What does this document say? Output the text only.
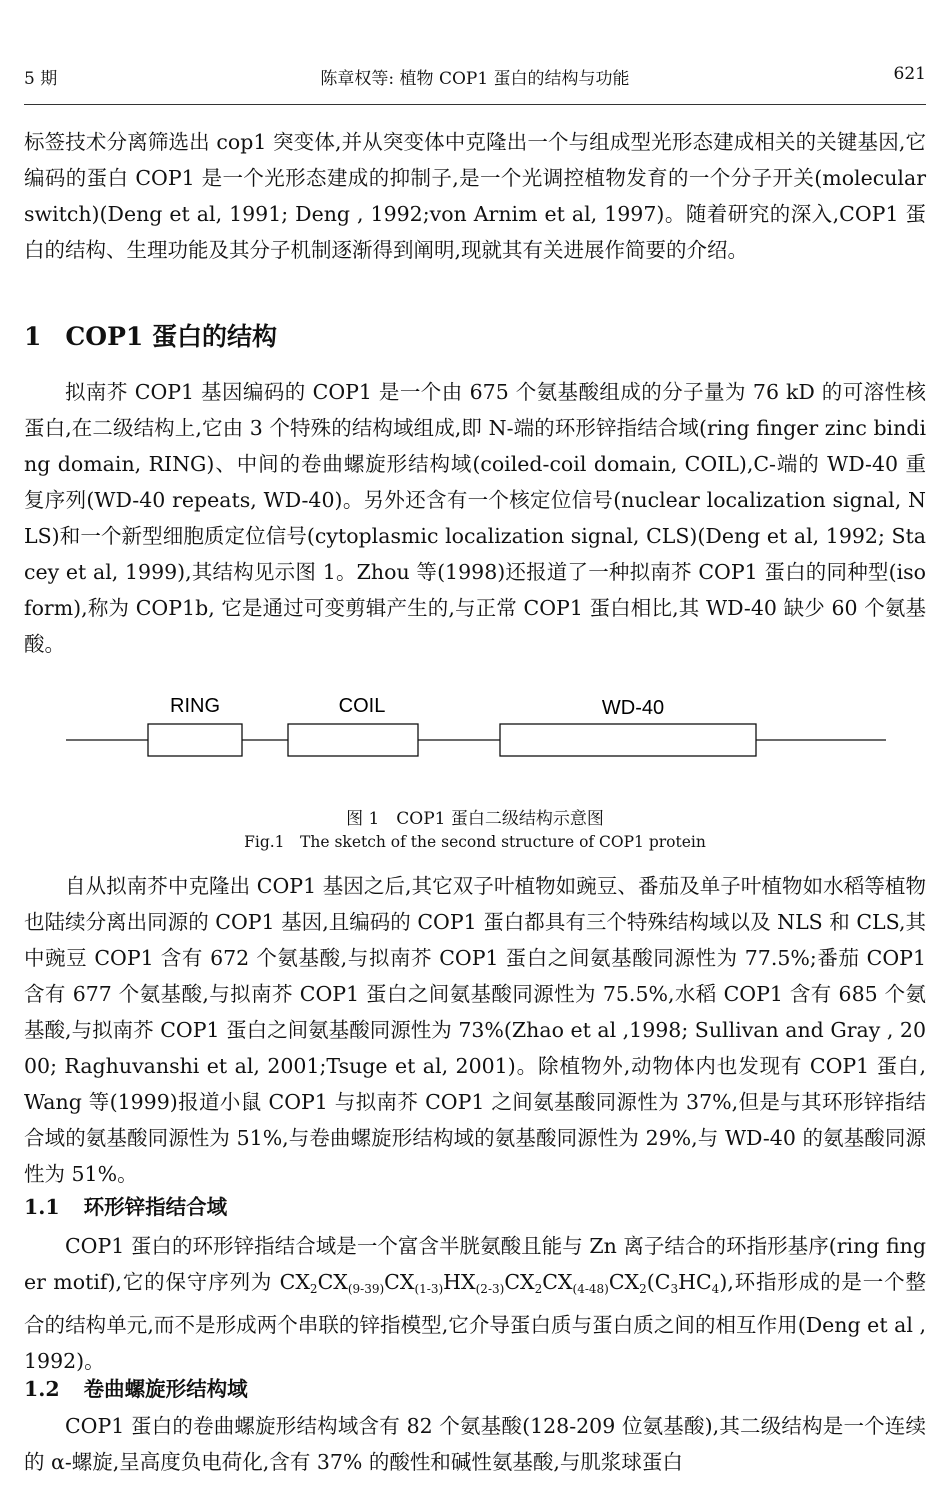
5 期	陈章权等: 植物 COP1 蛋白的结构与功能	621

标签技术分离筛选出 cop1 突变体,并从突变体中克隆出一个与组成型光形态建成相关的关键基因,它编码的蛋白 COP1 是一个光形态建成的抑制子,是一个光调控植物发育的一个分子开关(molecular switch)(Deng et al, 1991; Deng , 1992;von Arnim et al, 1997)。随着研究的深入,COP1 蛋白的结构、生理功能及其分子机制逐渐得到阐明,现就其有关进展作简要的介绍。

1 COP1 蛋白的结构

拟南芥 COP1 基因编码的 COP1 是一个由 675 个氨基酸组成的分子量为 76 kD 的可溶性核蛋白,在二级结构上,它由 3 个特殊的结构域组成,即 N-端的环形锌指结合域(ring finger zinc binding domain, RING)、中间的卷曲螺旋形结构域(coiled-coil domain, COIL),C-端的 WD-40 重复序列(WD-40 repeats, WD-40)。另外还含有一个核定位信号(nuclear localization signal, NLS)和一个新型细胞质定位信号(cytoplasmic localization signal, CLS)(Deng et al, 1992; Stacey et al, 1999),其结构见示图 1。Zhou 等(1998)还报道了一种拟南芥 COP1 蛋白的同种型(isoform),称为 COP1b, 它是通过可变剪辑产生的,与正常 COP1 蛋白相比,其 WD-40 缺少 60 个氨基酸。

RING	COIL	WD-40
图 1　COP1 蛋白二级结构示意图
Fig.1　The sketch of the second structure of COP1 protein

自从拟南芥中克隆出 COP1 基因之后,其它双子叶植物如豌豆、番茄及单子叶植物如水稻等植物也陆续分离出同源的 COP1 基因,且编码的 COP1 蛋白都具有三个特殊结构域以及 NLS 和 CLS,其中豌豆 COP1 含有 672 个氨基酸,与拟南芥 COP1 蛋白之间氨基酸同源性为 77.5%;番茄 COP1 含有 677 个氨基酸,与拟南芥 COP1 蛋白之间氨基酸同源性为 75.5%,水稻 COP1 含有 685 个氨基酸,与拟南芥 COP1 蛋白之间氨基酸同源性为 73%(Zhao et al ,1998; Sullivan and Gray , 2000; Raghuvanshi et al, 2001;Tsuge et al, 2001)。除植物外,动物体内也发现有 COP1 蛋白, Wang 等(1999)报道小鼠 COP1 与拟南芥 COP1 之间氨基酸同源性为 37%,但是与其环形锌指结合域的氨基酸同源性为 51%,与卷曲螺旋形结构域的氨基酸同源性为 29%,与 WD-40 的氨基酸同源性为 51%。

1.1 环形锌指结合域

COP1 蛋白的环形锌指结合域是一个富含半胱氨酸且能与 Zn 离子结合的环指形基序(ring finger motif),它的保守序列为 $CX_2CX_{(9-39)}CX_{(1-3)}HX_{(2-3)}CX_2CX_{(4-48)}CX_2(C_3HC_4)$,环指形成的是一个整合的结构单元,而不是形成两个串联的锌指模型,它介导蛋白质与蛋白质之间的相互作用(Deng et al , 1992)。

1.2 卷曲螺旋形结构域

COP1 蛋白的卷曲螺旋形结构域含有 82 个氨基酸(128-209 位氨基酸),其二级结构是一个连续的 α-螺旋,呈高度负电荷化,含有 37% 的酸性和碱性氨基酸,与肌浆球蛋白
